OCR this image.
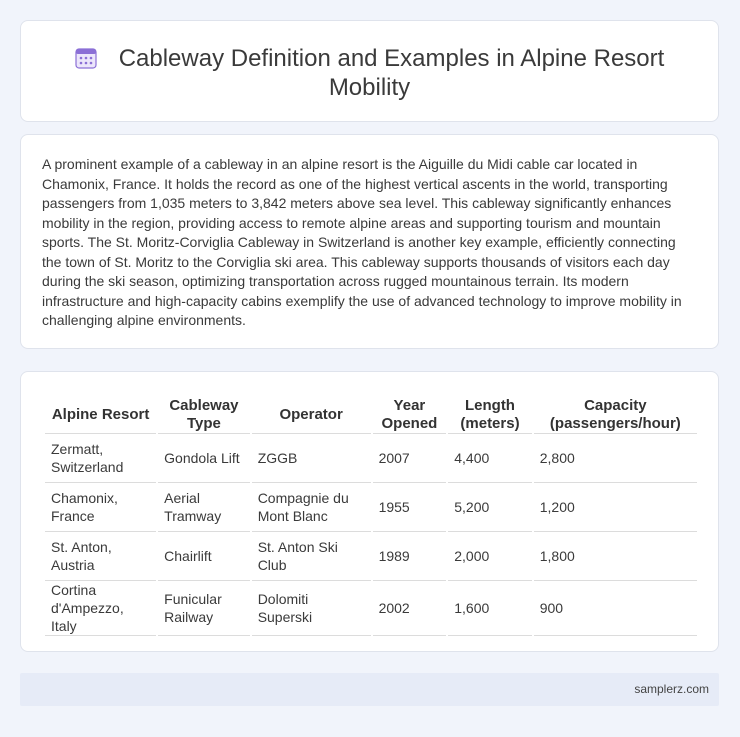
Cableway Definition and Examples in Alpine Resort Mobility

A prominent example of a cableway in an alpine resort is the Aiguille du Midi cable car located in Chamonix, France. It holds the record as one of the highest vertical ascents in the world, transporting passengers from 1,035 meters to 3,842 meters above sea level. This cableway significantly enhances mobility in the region, providing access to remote alpine areas and supporting tourism and mountain sports. The St. Moritz-Corviglia Cableway in Switzerland is another key example, efficiently connecting the town of St. Moritz to the Corviglia ski area. This cableway supports thousands of visitors each day during the ski season, optimizing transportation across rugged mountainous terrain. Its modern infrastructure and high-capacity cabins exemplify the use of advanced technology to improve mobility in challenging alpine environments.

Alpine Resort	Cableway Type	Operator	Year Opened	Length (meters)	Capacity (passengers/hour)
Zermatt, Switzerland	Gondola Lift	ZGGB	2007	4,400	2,800
Chamonix, France	Aerial Tramway	Compagnie du Mont Blanc	1955	5,200	1,200
St. Anton, Austria	Chairlift	St. Anton Ski Club	1989	2,000	1,800
Cortina d'Ampezzo, Italy	Funicular Railway	Dolomiti Superski	2002	1,600	900
samplerz.com
